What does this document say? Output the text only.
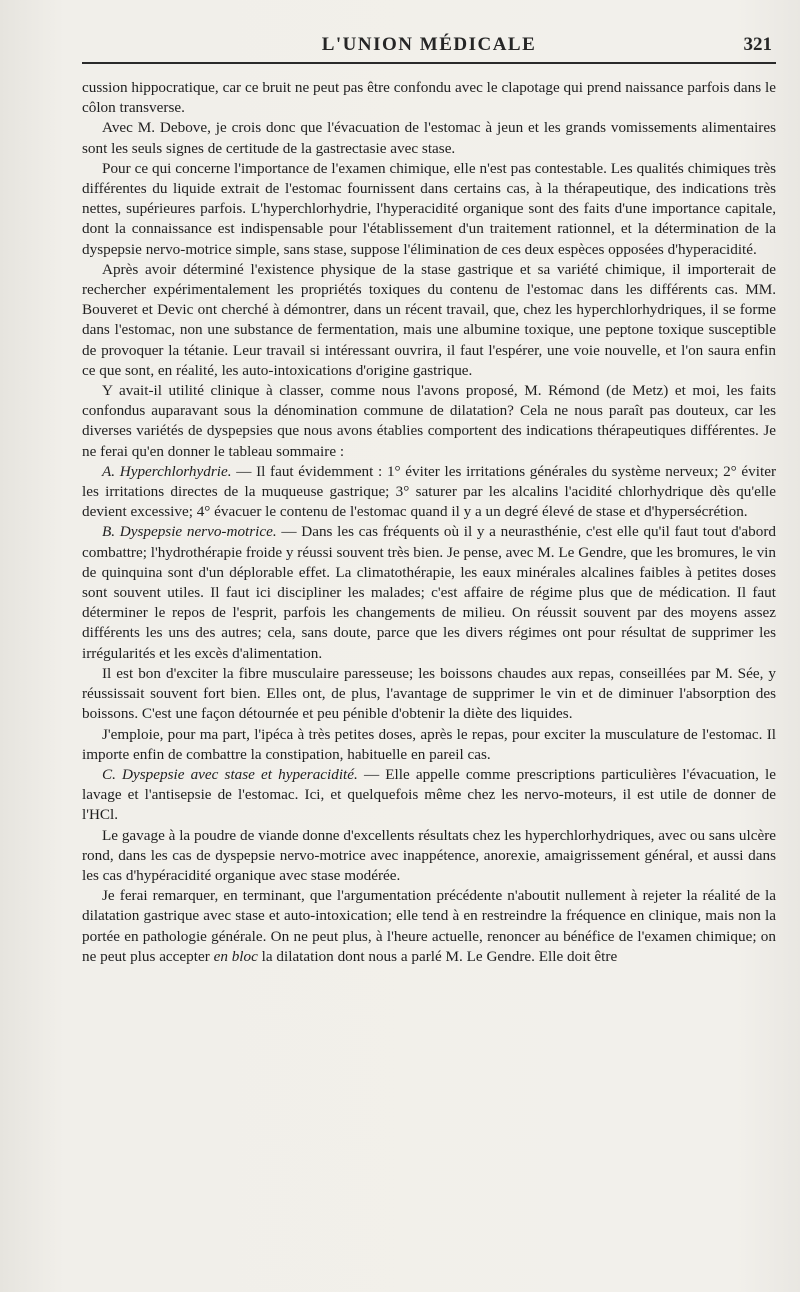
L'UNION MÉDICALE	321

cussion hippocratique, car ce bruit ne peut pas être confondu avec le clapotage qui prend naissance parfois dans le côlon transverse.

Avec M. Debove, je crois donc que l'évacuation de l'estomac à jeun et les grands vomissements alimentaires sont les seuls signes de certitude de la gastrectasie avec stase.

Pour ce qui concerne l'importance de l'examen chimique, elle n'est pas contestable. Les qualités chimiques très différentes du liquide extrait de l'estomac fournissent dans certains cas, à la thérapeutique, des indications très nettes, supérieures parfois. L'hyperchlorhydrie, l'hyperacidité organique sont des faits d'une importance capitale, dont la connaissance est indispensable pour l'établissement d'un traitement rationnel, et la détermination de la dyspepsie nervo-motrice simple, sans stase, suppose l'élimination de ces deux espèces opposées d'hyperacidité.

Après avoir déterminé l'existence physique de la stase gastrique et sa variété chimique, il importerait de rechercher expérimentalement les propriétés toxiques du contenu de l'estomac dans les différents cas. MM. Bouveret et Devic ont cherché à démontrer, dans un récent travail, que, chez les hyperchlorhydriques, il se forme dans l'estomac, non une substance de fermentation, mais une albumine toxique, une peptone toxique susceptible de provoquer la tétanie. Leur travail si intéressant ouvrira, il faut l'espérer, une voie nouvelle, et l'on saura enfin ce que sont, en réalité, les auto-intoxications d'origine gastrique.

Y avait-il utilité clinique à classer, comme nous l'avons proposé, M. Rémond (de Metz) et moi, les faits confondus auparavant sous la dénomination commune de dilatation? Cela ne nous paraît pas douteux, car les diverses variétés de dyspepsies que nous avons établies comportent des indications thérapeutiques différentes. Je ne ferai qu'en donner le tableau sommaire :

A. Hyperchlorhydrie. — Il faut évidemment : 1° éviter les irritations générales du système nerveux; 2° éviter les irritations directes de la muqueuse gastrique; 3° saturer par les alcalins l'acidité chlorhydrique dès qu'elle devient excessive; 4° évacuer le contenu de l'estomac quand il y a un degré élevé de stase et d'hypersécrétion.

B. Dyspepsie nervo-motrice. — Dans les cas fréquents où il y a neurasthénie, c'est elle qu'il faut tout d'abord combattre; l'hydrothérapie froide y réussi souvent très bien. Je pense, avec M. Le Gendre, que les bromures, le vin de quinquina sont d'un déplorable effet. La climatothérapie, les eaux minérales alcalines faibles à petites doses sont souvent utiles. Il faut ici discipliner les malades; c'est affaire de régime plus que de médication. Il faut déterminer le repos de l'esprit, parfois les changements de milieu. On réussit souvent par des moyens assez différents les uns des autres; cela, sans doute, parce que les divers régimes ont pour résultat de supprimer les irrégularités et les excès d'alimentation.

Il est bon d'exciter la fibre musculaire paresseuse; les boissons chaudes aux repas, conseillées par M. Sée, y réussissait souvent fort bien. Elles ont, de plus, l'avantage de supprimer le vin et de diminuer l'absorption des boissons. C'est une façon détournée et peu pénible d'obtenir la diète des liquides.

J'emploie, pour ma part, l'ipéca à très petites doses, après le repas, pour exciter la musculature de l'estomac. Il importe enfin de combattre la constipation, habituelle en pareil cas.

C. Dyspepsie avec stase et hyperacidité. — Elle appelle comme prescriptions particulières l'évacuation, le lavage et l'antisepsie de l'estomac. Ici, et quelquefois même chez les nervo-moteurs, il est utile de donner de l'HCl.

Le gavage à la poudre de viande donne d'excellents résultats chez les hyperchlorhydriques, avec ou sans ulcère rond, dans les cas de dyspepsie nervo-motrice avec inappétence, anorexie, amaigrissement général, et aussi dans les cas d'hypéracidité organique avec stase modérée.

Je ferai remarquer, en terminant, que l'argumentation précédente n'aboutit nullement à rejeter la réalité de la dilatation gastrique avec stase et auto-intoxication; elle tend à en restreindre la fréquence en clinique, mais non la portée en pathologie générale. On ne peut plus, à l'heure actuelle, renoncer au bénéfice de l'examen chimique; on ne peut plus accepter en bloc la dilatation dont nous a parlé M. Le Gendre. Elle doit être
